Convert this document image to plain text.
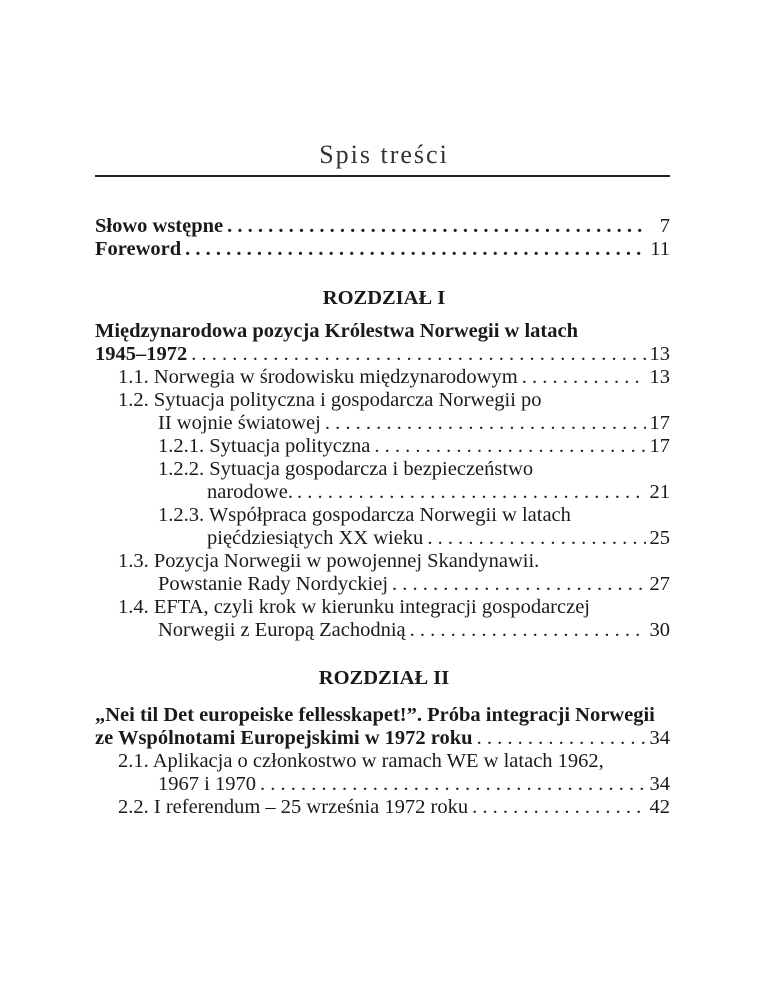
Spis treści
Słowo wstępne . . .	7
Foreword . . .	11
ROZDZIAŁ I
Międzynarodowa pozycja Królestwa Norwegii w latach
1945–1972 . . .	13
1.1. Norwegia w środowisku międzynarodowym . . .	13
1.2. Sytuacja polityczna i gospodarcza Norwegii po
II wojnie światowej . . .	17
1.2.1. Sytuacja polityczna . . .	17
1.2.2. Sytuacja gospodarcza i bezpieczeństwo
narodowe. . . .	21
1.2.3. Współpraca gospodarcza Norwegii w latach
pięćdziesiątych XX wieku . . .	25
1.3. Pozycja Norwegii w powojennej Skandynawii.
Powstanie Rady Nordyckiej . . .	27
1.4. EFTA, czyli krok w kierunku integracji gospodarczej
Norwegii z Europą Zachodnią . . .	30
ROZDZIAŁ II
„Nei til Det europeiske fellesskapet!”. Próba integracji Norwegii
ze Wspólnotami Europejskimi w 1972 roku . . .	34
2.1. Aplikacja o członkostwo w ramach WE w latach 1962,
1967 i 1970 . . .	34
2.2. I referendum – 25 września 1972 roku . . .	42
